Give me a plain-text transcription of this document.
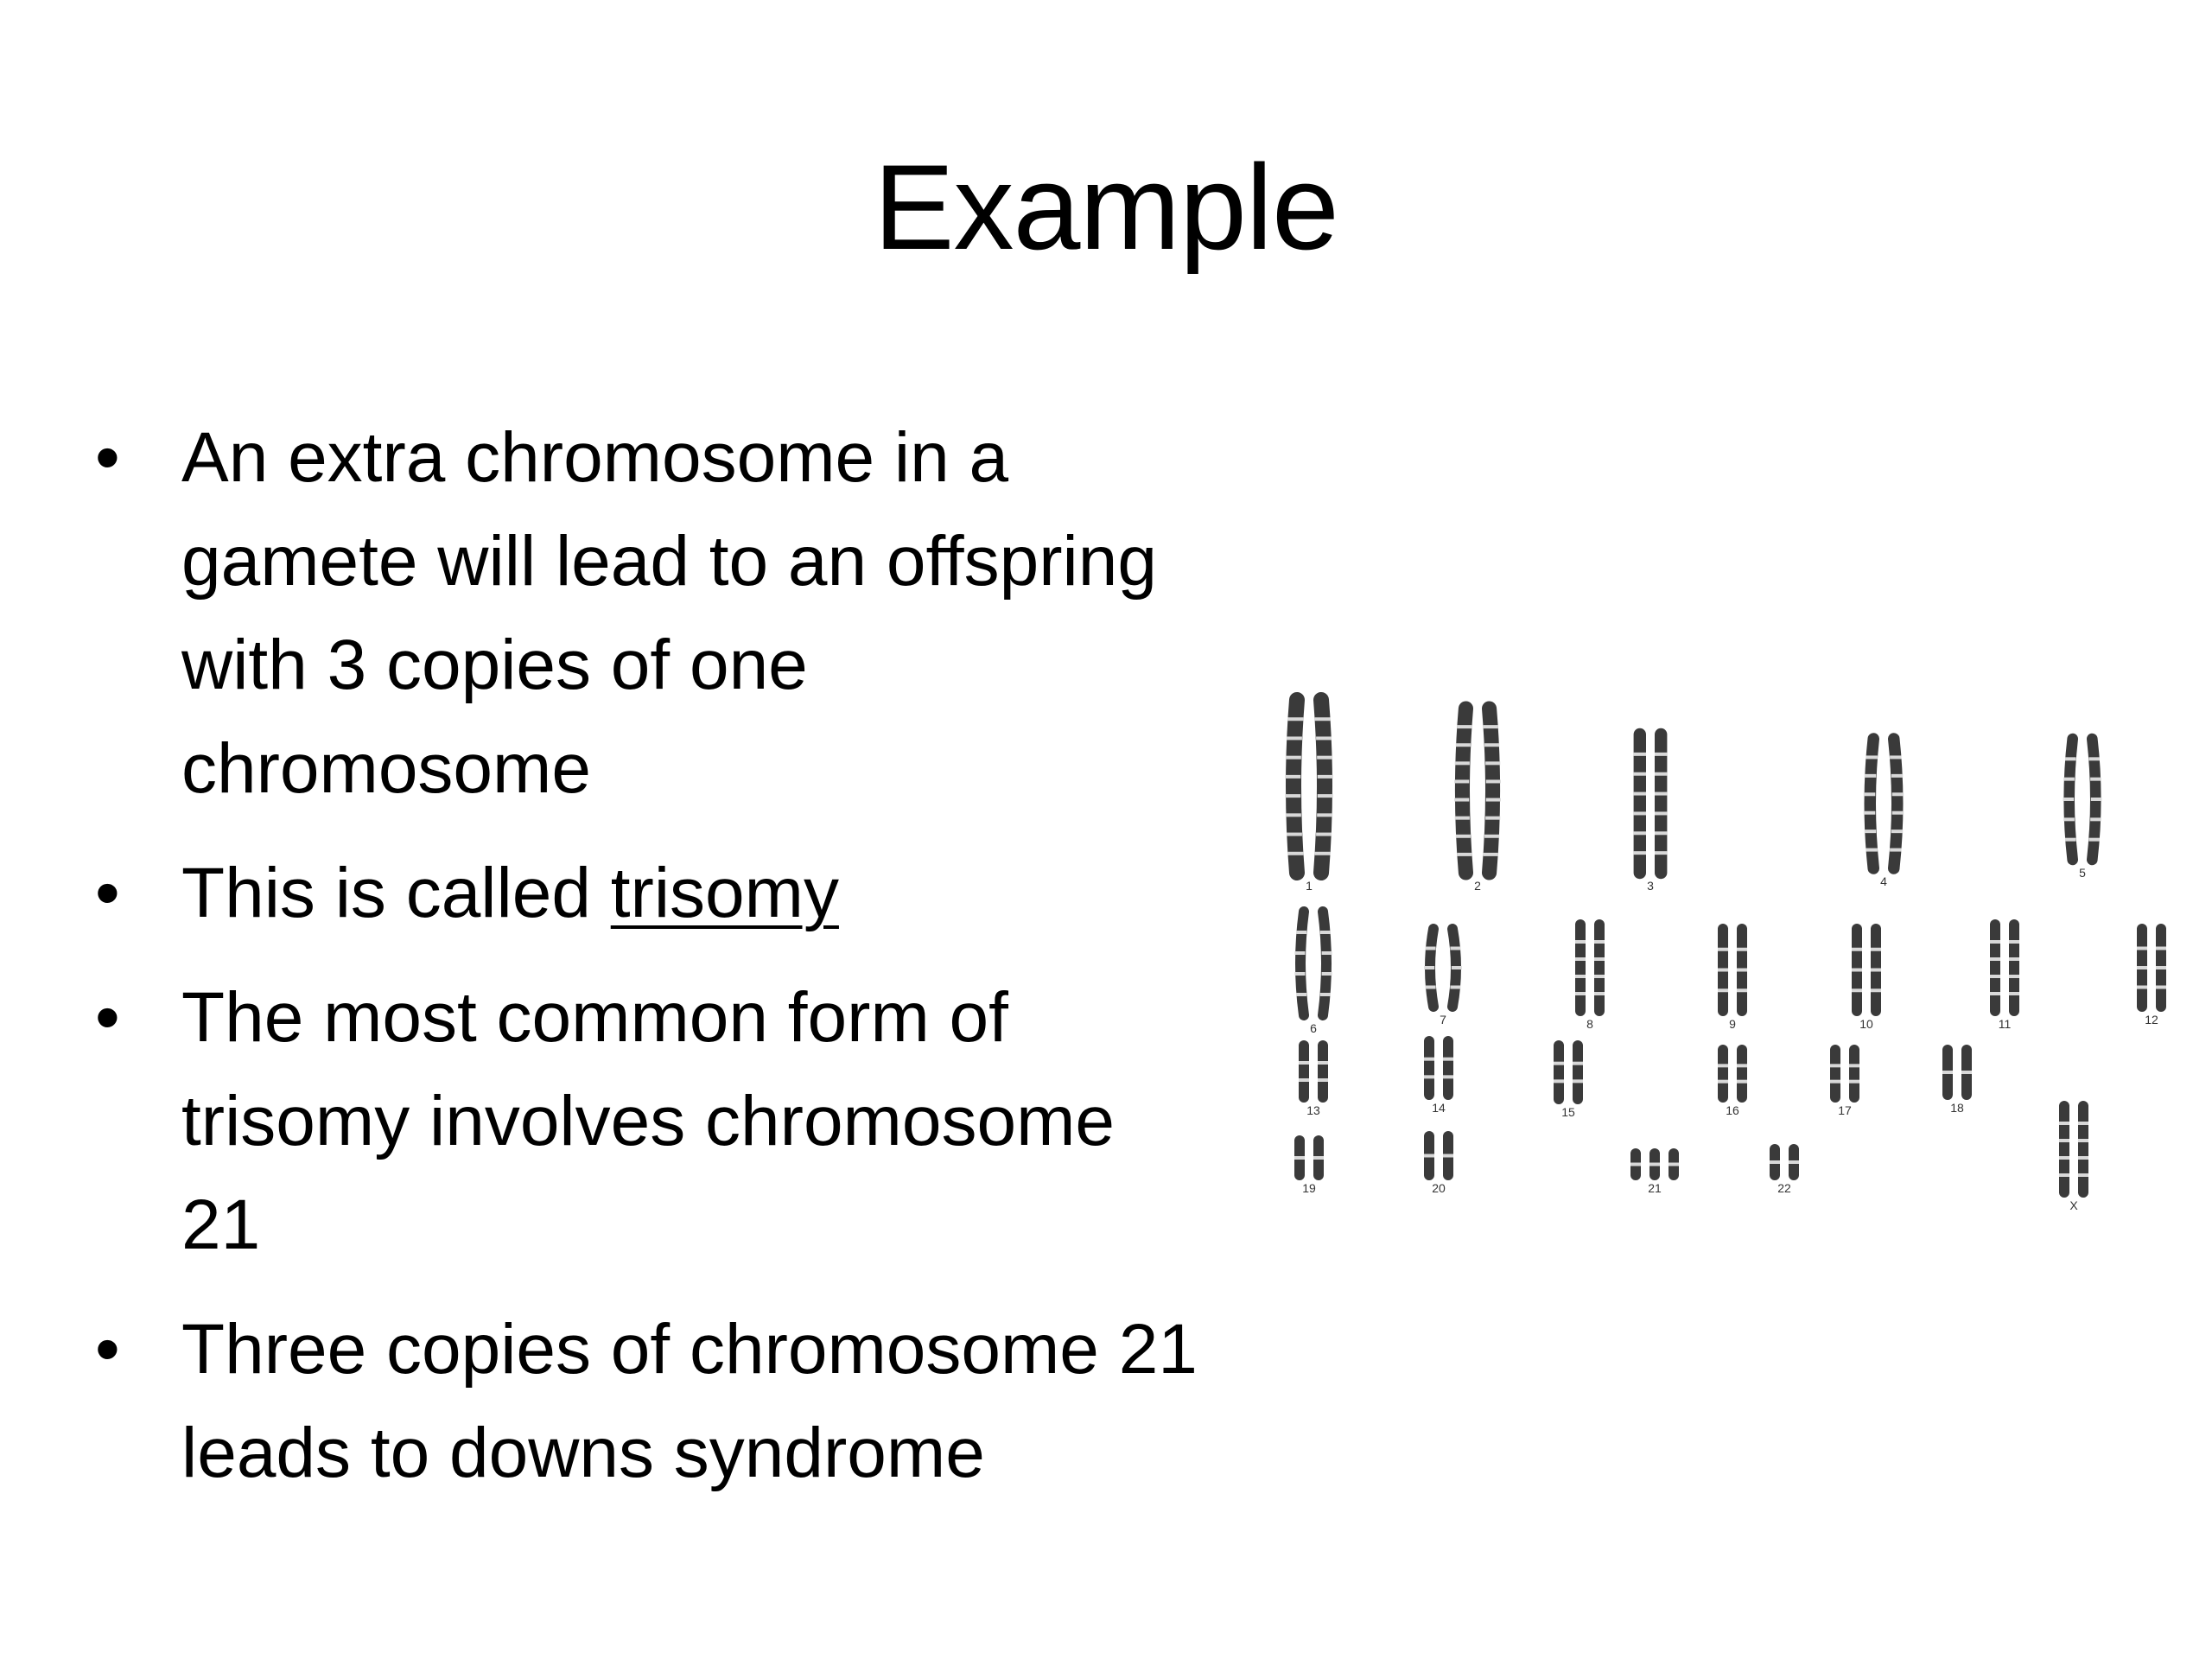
Example
• An extra chromosome in a
gamete will lead to an offspring
with 3 copies of one
chromosome
• This is called trisomy
• The most common form of
trisomy involves chromosome
21
• Three copies of chromosome 21
leads to downs syndrome
1	2	3	4
5
6
7	8	9	10	11	12
13	14	15	16	17	18
19	20	21	22
X
